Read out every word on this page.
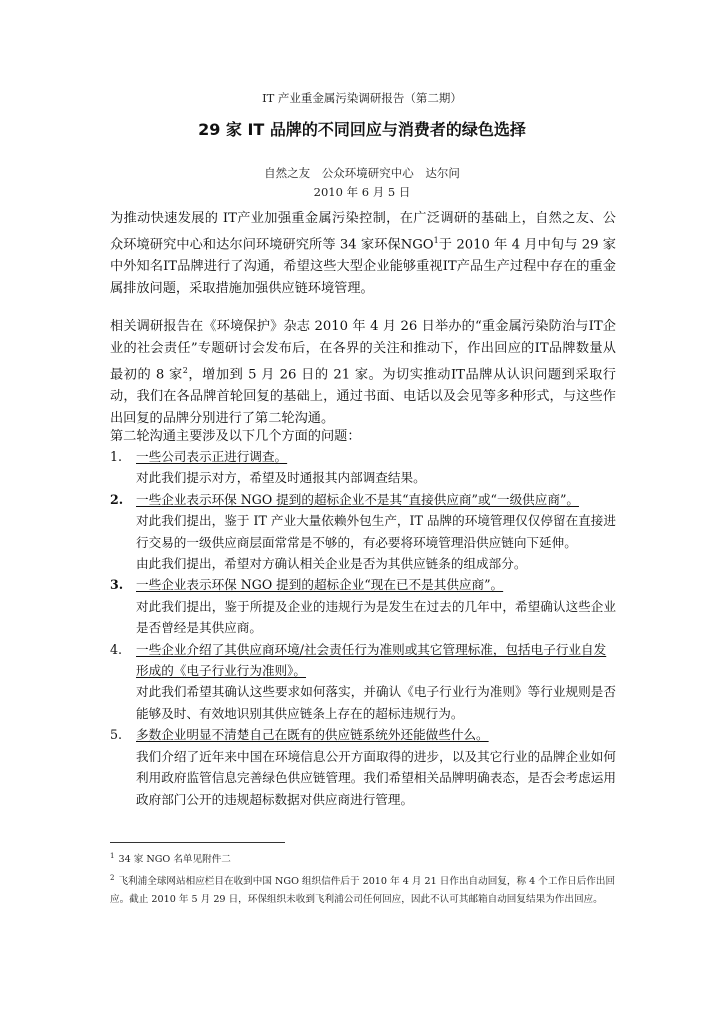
IT 产业重金属污染调研报告（第二期）
29 家 IT 品牌的不同回应与消费者的绿色选择
自然之友 公众环境研究中心 达尔问
2010 年 6 月 5 日
为推动快速发展的 IT产业加强重金属污染控制，在广泛调研的基础上，自然之友、公众环境研究中心和达尔问环境研究所等 34 家环保NGO$^1$于 2010 年 4 月中旬与 29 家中外知名IT品牌进行了沟通，希望这些大型企业能够重视IT产品生产过程中存在的重金属排放问题，采取措施加强供应链环境管理。
相关调研报告在《环境保护》杂志 2010 年 4 月 26 日举办的“重金属污染防治与IT企业的社会责任”专题研讨会发布后，在各界的关注和推动下，作出回应的IT品牌数量从最初的 8 家$^2$，增加到 5 月 26 日的 21 家。为切实推动IT品牌从认识问题到采取行动，我们在各品牌首轮回复的基础上，通过书面、电话以及会见等多种形式，与这些作出回复的品牌分别进行了第二轮沟通。
第二轮沟通主要涉及以下几个方面的问题：
1.	一些公司表示正进行调查。
对此我们提示对方，希望及时通报其内部调查结果。
2.	一些企业表示环保 NGO 提到的超标企业不是其“直接供应商”或“一级供应商”。
对此我们提出，鉴于 IT 产业大量依赖外包生产，IT 品牌的环境管理仅仅停留在直接进行交易的一级供应商层面常常是不够的，有必要将环境管理沿供应链向下延伸。
由此我们提出，希望对方确认相关企业是否为其供应链条的组成部分。
3.	一些企业表示环保 NGO 提到的超标企业“现在已不是其供应商”。
对此我们提出，鉴于所提及企业的违规行为是发生在过去的几年中，希望确认这些企业是否曾经是其供应商。
4.	一些企业介绍了其供应商环境/社会责任行为准则或其它管理标准，包括电子行业自发形成的《电子行业行为准则》。
对此我们希望其确认这些要求如何落实，并确认《电子行业行为准则》等行业规则是否能够及时、有效地识别其供应链条上存在的超标违规行为。
5.	多数企业明显不清楚自己在既有的供应链系统外还能做些什么。
我们介绍了近年来中国在环境信息公开方面取得的进步，以及其它行业的品牌企业如何利用政府监管信息完善绿色供应链管理。我们希望相关品牌明确表态，是否会考虑运用政府部门公开的违规超标数据对供应商进行管理。
$^1$ 34 家 NGO 名单见附件二
$^2$ 飞利浦全球网站相应栏目在收到中国 NGO 组织信件后于 2010 年 4 月 21 日作出自动回复，称 4 个工作日后作出回应。截止 2010 年 5 月 29 日，环保组织未收到飞利浦公司任何回应，因此不认可其邮箱自动回复结果为作出回应。
